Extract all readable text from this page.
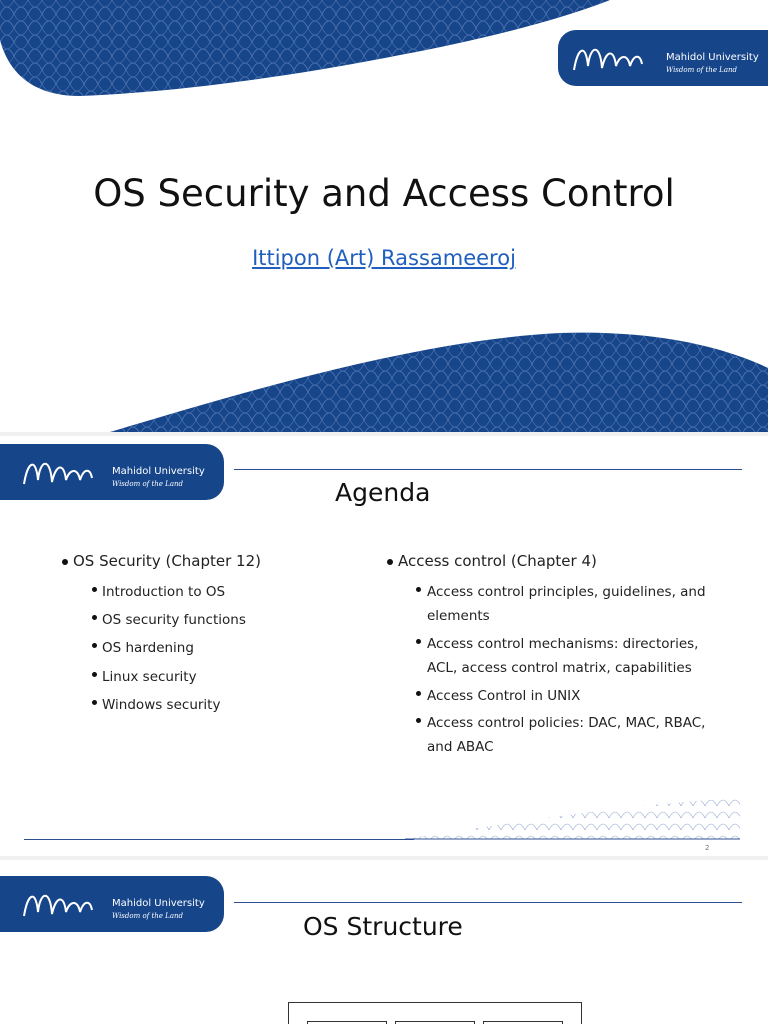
Mahidol University
Wisdom of the Land
OS Security and Access Control
Ittipon (Art) Rassameeroj
Mahidol University
Wisdom of the Land	Agenda
OS Security (Chapter 12)
Introduction to OS
OS security functions
OS hardening
Linux security
Windows security
Access control (Chapter 4)
Access control principles, guidelines, and elements
Access control mechanisms: directories, ACL, access control matrix, capabilities
Access Control in UNIX
Access control policies: DAC, MAC, RBAC, and ABAC
2
Mahidol University
Wisdom of the Land	OS Structure
